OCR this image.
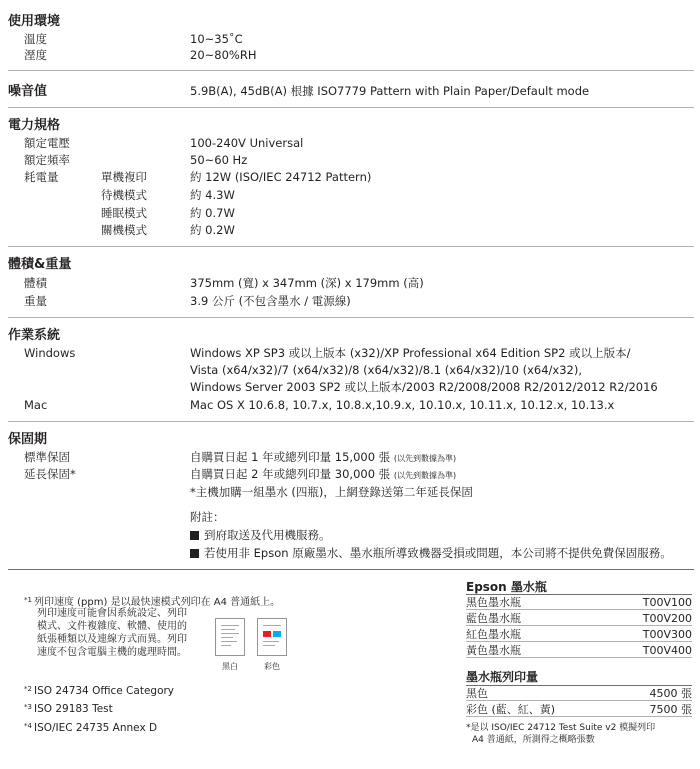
使用環境
溫度	10~35˚C
溼度	20~80%RH
噪音值	5.9B(A), 45dB(A) 根據 ISO7779 Pattern with Plain Paper/Default mode
電力規格
額定電壓	100-240V Universal
額定頻率	50~60 Hz
耗電量	單機複印	約 12W (ISO/IEC 24712 Pattern)
待機模式	約 4.3W
睡眠模式	約 0.7W
關機模式	約 0.2W
體積&重量
體積	375mm (寬) x 347mm (深) x 179mm (高)
重量	3.9 公斤 (不包含墨水 / 電源線)
作業系統
Windows	Windows XP SP3 或以上版本 (x32)/XP Professional x64 Edition SP2 或以上版本/
Vista (x64/x32)/7 (x64/x32)/8 (x64/x32)/8.1 (x64/x32)/10 (x64/x32),
Windows Server 2003 SP2 或以上版本/2003 R2/2008/2008 R2/2012/2012 R2/2016
Mac	Mac OS X 10.6.8, 10.7.x, 10.8.x,10.9.x, 10.10.x, 10.11.x, 10.12.x, 10.13.x
保固期
標準保固	自購買日起 1 年或總列印量 15,000 張 (以先到數據為準)
延長保固*	自購買日起 2 年或總列印量 30,000 張 (以先到數據為準)
*主機加購一組墨水 (四瓶)，上網登錄送第二年延長保固
附註：
到府取送及代用機服務。
若使用非 Epson 原廠墨水、墨水瓶所導致機器受損或問題，本公司將不提供免費保固服務。
$^{*1}$ 列印速度 (ppm) 是以最快速模式列印在 A4 普通紙上。
列印速度可能會因系統設定、列印
模式、文件複雜度、軟體、使用的
紙張種類以及連線方式而異。列印
速度不包含電腦主機的處理時間。
黑白	彩色
$^{*2}$ ISO 24734 Office Category
$^{*3}$ ISO 29183 Test
$^{*4}$ ISO/IEC 24735 Annex D
Epson 墨水瓶
黑色墨水瓶	T00V100
藍色墨水瓶	T00V200
紅色墨水瓶	T00V300
黃色墨水瓶	T00V400
墨水瓶列印量
黑色	4500 張
彩色 (藍、紅、黃)	7500 張
*是以 ISO/IEC 24712 Test Suite v2 模擬列印
A4 普通紙，所測得之概略張數
